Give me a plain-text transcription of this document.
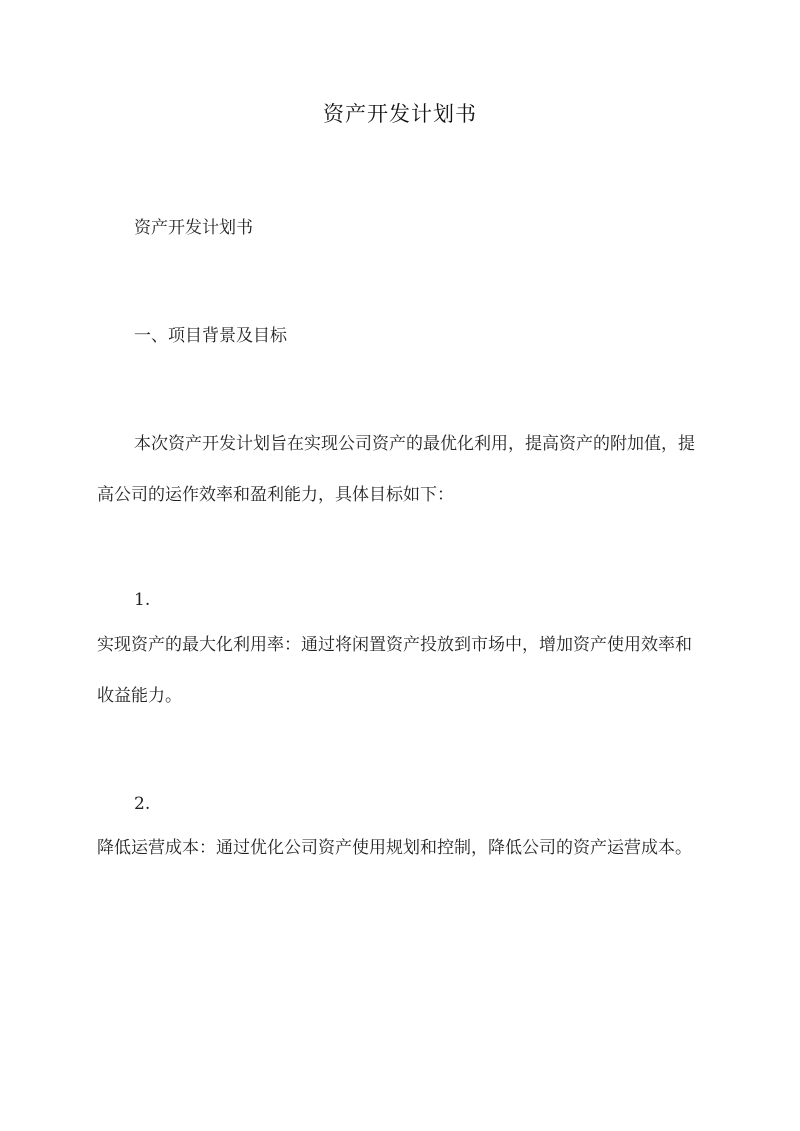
资产开发计划书

资产开发计划书

一、项目背景及目标

本次资产开发计划旨在实现公司资产的最优化利用，提高资产的附加值，提高公司的运作效率和盈利能力，具体目标如下：

1.

实现资产的最大化利用率：通过将闲置资产投放到市场中，增加资产使用效率和收益能力。

2.

降低运营成本：通过优化公司资产使用规划和控制，降低公司的资产运营成本。
